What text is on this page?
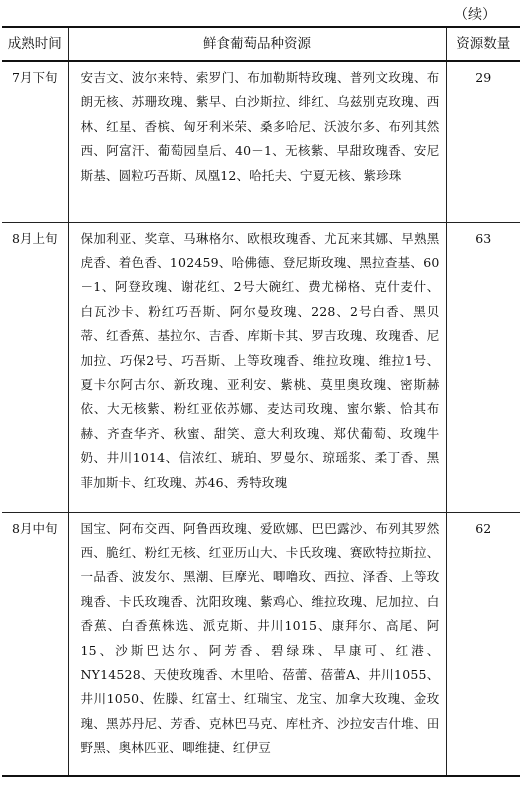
（续）
成熟时间	鲜食葡萄品种资源	资源数量
7月下旬	安吉文、波尔来特、索罗门、布加勒斯特玫瑰、普列文玫瑰、布朗无核、苏珊玫瑰、紫早、白沙斯拉、绯红、乌兹别克玫瑰、西林、红星、香槟、匈牙利米荣、桑多哈尼、沃波尔多、布列其然西、阿富汗、葡萄园皇后、40－1、无核紫、早甜玫瑰香、安尼斯基、圆粒巧吾斯、凤凰12、哈托夫、宁夏无核、紫珍珠	29
8月上旬	保加利亚、奖章、马琳格尔、欧根玫瑰香、尤瓦来其娜、早熟黑虎香、着色香、102459、哈佛德、登尼斯玫瑰、黑拉查基、60－1、阿登玫瑰、谢花红、2号大碗红、费尤梯格、克什麦什、白瓦沙卡、粉红巧吾斯、阿尔曼玫瑰、228、2号白香、黑贝蒂、红香蕉、基拉尔、吉香、库斯卡其、罗吉玫瑰、玫瑰香、尼加拉、巧保2号、巧吾斯、上等玫瑰香、维拉玫瑰、维拉1号、夏卡尔阿古尔、新玫瑰、亚利安、紫桃、莫里奥玫瑰、密斯赫依、大无核紫、粉红亚依苏娜、麦达司玫瑰、蜜尔紫、恰其布赫、齐查华齐、秋蜜、甜笑、意大利玫瑰、郑伏葡萄、玫瑰牛奶、井川1014、信浓红、琥珀、罗曼尔、琼瑶浆、柔丁香、黑菲加斯卡、红玫瑰、苏46、秀特玫瑰	63
8月中旬	国宝、阿布交西、阿鲁西玫瑰、爱欧娜、巴巴露沙、布列其罗然西、脆红、粉红无核、红亚历山大、卡氏玫瑰、赛欧特拉斯拉、一品香、波发尔、黑潮、巨摩光、唧噜玫、西拉、泽香、上等玫瑰香、卡氏玫瑰香、沈阳玫瑰、紫鸡心、维拉玫瑰、尼加拉、白香蕉、白香蕉株选、派克斯、井川1015、康拜尔、高尾、阿15、沙斯巴达尔、阿芳香、碧绿珠、早康可、红港、NY14528、天使玫瑰香、木里哈、蓓蕾、蓓蕾A、井川1055、井川1050、佐滕、红富士、红瑞宝、龙宝、加拿大玫瑰、金玫瑰、黑苏丹尼、芳香、克林巴马克、库杜齐、沙拉安吉什堆、田野黑、奥林匹亚、唧维捷、红伊豆	62
